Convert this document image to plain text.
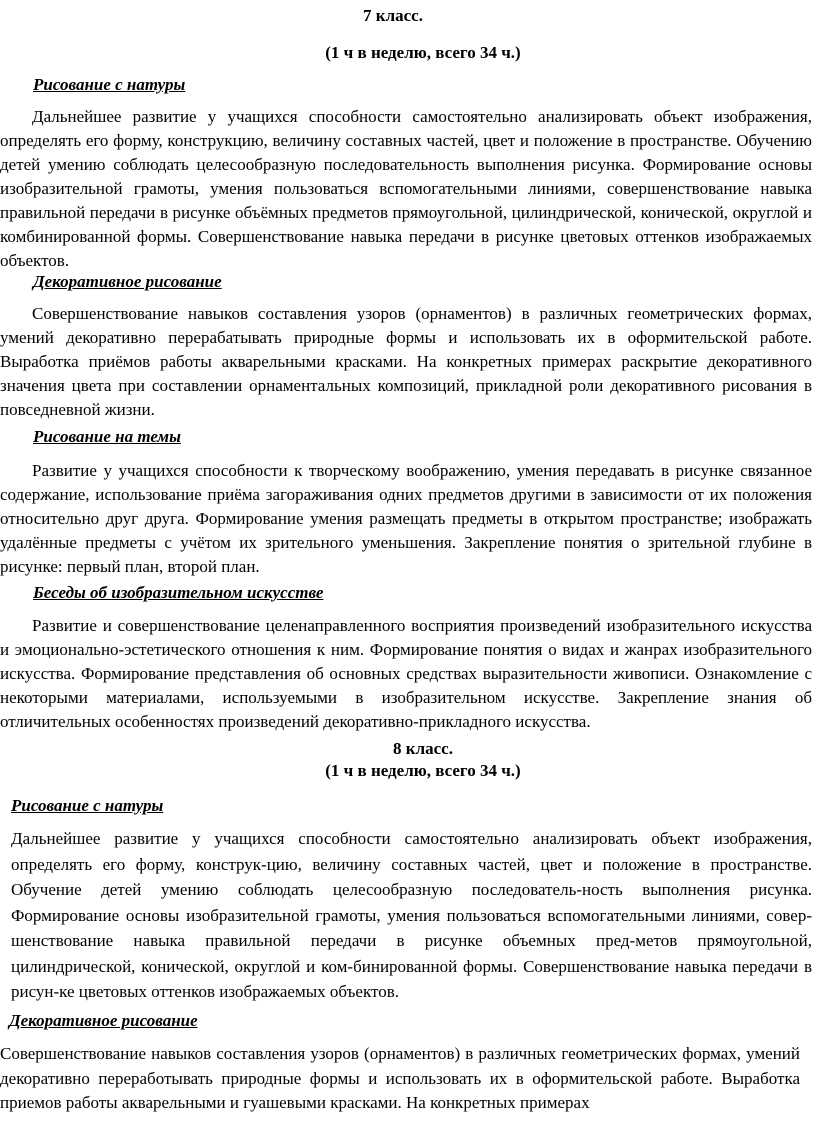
7 класс.

(1 ч в неделю, всего 34 ч.)

Рисование с натуры

Дальнейшее развитие у учащихся способности самостоятельно анализировать объект изображения, определять его форму, конструкцию, величину составных частей, цвет и положение в пространстве. Обучению детей умению соблюдать целесообразную последовательность выполнения рисунка. Формирование основы изобразительной грамоты, умения пользоваться вспомогательными линиями, совершенствование навыка правильной передачи в рисунке объёмных предметов прямоугольной, цилиндрической, конической, округлой и комбинированной формы. Совершенствование навыка передачи в рисунке цветовых оттенков изображаемых объектов.

Декоративное рисование

Совершенствование навыков составления узоров (орнаментов) в различных геометрических формах, умений декоративно перерабатывать природные формы и использовать их в оформительской работе. Выработка приёмов работы акварельными красками. На конкретных примерах раскрытие декоративного значения цвета при составлении орнаментальных композиций, прикладной роли декоративного рисования в повседневной жизни.

Рисование на темы

Развитие у учащихся способности к творческому воображению, умения передавать в рисунке связанное содержание, использование приёма загораживания одних предметов другими в зависимости от их положения относительно друг друга. Формирование умения размещать предметы в открытом пространстве; изображать удалённые предметы с учётом их зрительного уменьшения. Закрепление понятия о зрительной глубине в рисунке: первый план, второй план.

Беседы об изобразительном искусстве

Развитие и совершенствование целенаправленного восприятия произведений изобразительного искусства и эмоционально-эстетического отношения к ним. Формирование понятия о видах и жанрах изобразительного искусства. Формирование представления об основных средствах выразительности живописи. Ознакомление с некоторыми материалами, используемыми в изобразительном искусстве. Закрепление знания об отличительных особенностях произведений декоративно-прикладного искусства.

8 класс.

(1 ч в неделю, всего 34 ч.)

Рисование с натуры

Дальнейшее развитие у учащихся способности самостоятельно анализировать объект изображения, определять его форму, конструк-цию, величину составных частей, цвет и положение в пространстве. Обучение детей умению соблюдать целесообразную последователь-ность выполнения рисунка. Формирование основы изобразительной грамоты, умения пользоваться вспомогательными линиями, совер-шенствование навыка правильной передачи в рисунке объемных пред-метов прямоугольной, цилиндрической, конической, округлой и ком-бинированной формы. Совершенствование навыка передачи в рисун-ке цветовых оттенков изображаемых объектов.

Декоративное рисование

Совершенствование навыков составления узоров (орнаментов) в различных геометрических формах, умений декоративно переработывать природные формы и использовать их в оформительской работе. Выработка приемов работы акварельными и гуашевыми красками. На конкретных примерах
